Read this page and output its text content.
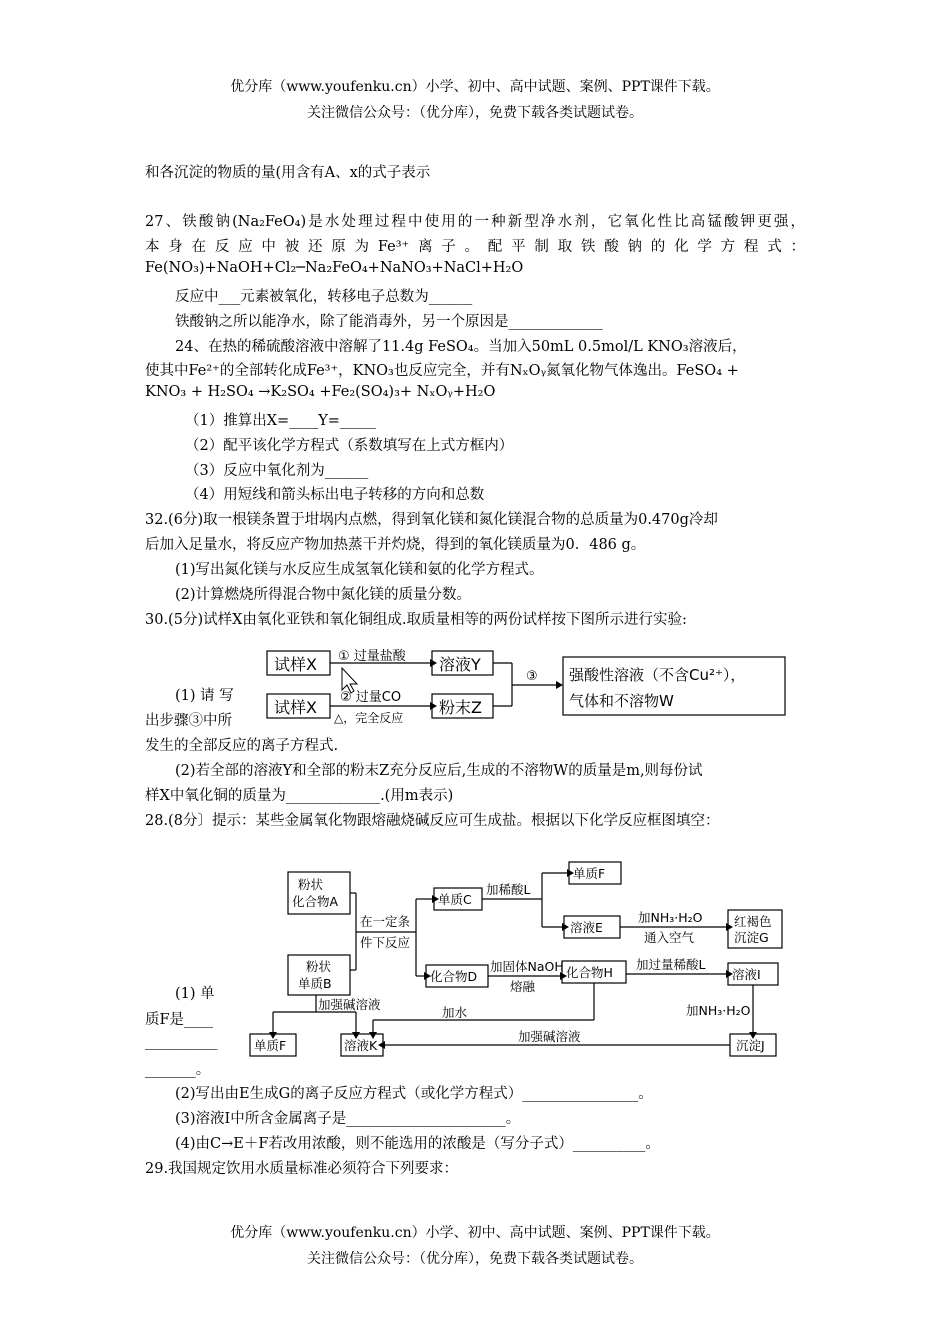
优分库（www.youfenku.cn）小学、初中、高中试题、案例、PPT课件下载。
关注微信公众号：（优分库），免费下载各类试题试卷。
和各沉淀的物质的量(用含有A、x的式子表示
27、铁酸钠(Na₂FeO₄)是水处理过程中使用的一种新型净水剂，它氧化性比高锰酸钾更强，
本身在反应中被还原为Fe³⁺离子。配平制取铁酸钠的化学方程式：
Fe(NO₃)+NaOH+Cl₂─Na₂FeO₄+NaNO₃+NaCl+H₂O
反应中___元素被氧化，转移电子总数为______
铁酸钠之所以能净水，除了能消毒外，另一个原因是_____________
24、在热的稀硫酸溶液中溶解了11.4g FeSO₄。当加入50mL 0.5mol/L KNO₃溶液后，
使其中Fe²⁺的全部转化成Fe³⁺，KNO₃也反应完全，并有NₓOᵧ氮氧化物气体逸出。FeSO₄ +
KNO₃ + H₂SO₄ →K₂SO₄ +Fe₂(SO₄)₃+ NₓOᵧ+H₂O
（1）推算出X=____Y=_____
（2）配平该化学方程式（系数填写在上式方框内）
（3）反应中氧化剂为______
（4）用短线和箭头标出电子转移的方向和总数
32.(6分)取一根镁条置于坩埚内点燃，得到氧化镁和氮化镁混合物的总质量为0.470g冷却
后加入足量水，将反应产物加热蒸干并灼烧，得到的氧化镁质量为0．486 g。
(1)写出氮化镁与水反应生成氢氧化镁和氨的化学方程式。
(2)计算燃烧所得混合物中氮化镁的质量分数。
30.(5分)试样X由氧化亚铁和氧化铜组成.取质量相等的两份试样按下图所示进行实验:
试样X
试样X
溶液Y
粉末Z
① 过量盐酸
② 过量CO
△，完全反应
③ 强酸性溶液（不含Cu²⁺），
气体和不溶物W
(1) 请 写
出步骤③中所
发生的全部反应的离子方程式.
(2)若全部的溶液Y和全部的粉末Z充分反应后,生成的不溶物W的质量是m,则每份试
样X中氧化铜的质量为_____________.(用m表示)
28.(8分〕提示：某些金属氧化物跟熔融烧碱反应可生成盐。根据以下化学反应框图填空：
粉状
化合物A
粉状
单质B
在一定条
件下反应
单质C
化合物D
单质F
溶液E	红褐色
沉淀G
化合物H	溶液I
沉淀J
溶液K
单质F
加稀酸L
加NH₃·H₂O
通入空气
加固体NaOH
熔融
加过量稀酸L
加NH₃·H₂O
加强碱溶液
加水
加强碱溶液
(1) 单
质F是____
__________
_______。
(2)写出由E生成G的离子反应方程式（或化学方程式）________________。
(3)溶液I中所含金属离子是______________________。
(4)由C→E＋F若改用浓酸，则不能选用的浓酸是（写分子式）__________。
29.我国规定饮用水质量标准必须符合下列要求：
优分库（www.youfenku.cn）小学、初中、高中试题、案例、PPT课件下载。
关注微信公众号：（优分库），免费下载各类试题试卷。
